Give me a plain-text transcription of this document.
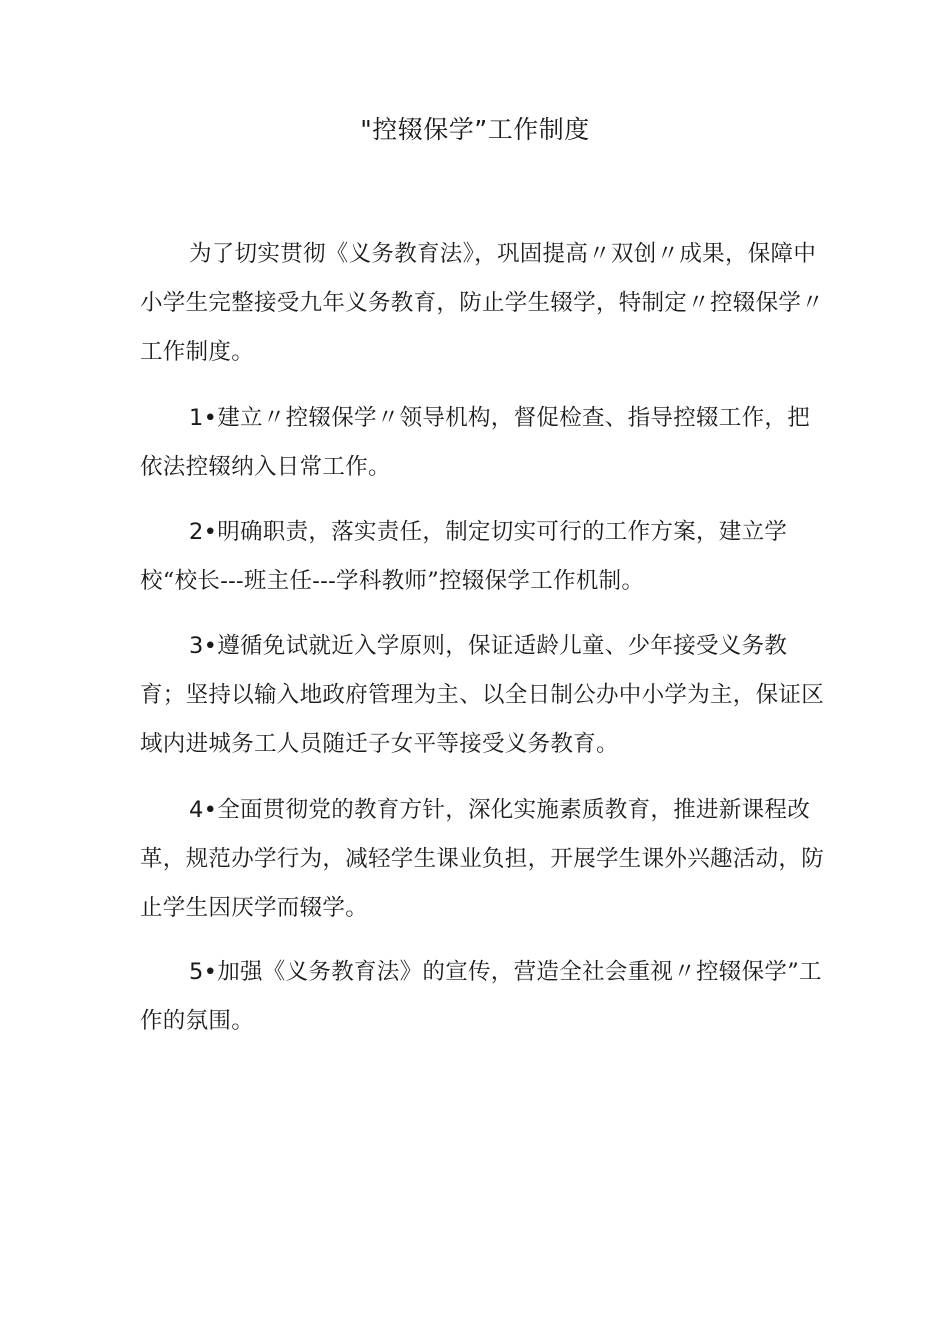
"控辍保学”工作制度

为了切实贯彻《义务教育法》，巩固提高〃双创〃成果，保障中小学生完整接受九年义务教育，防止学生辍学，特制定〃控辍保学〃工作制度。

1•建立〃控辍保学〃领导机构，督促检查、指导控辍工作，把依法控辍纳入日常工作。

2•明确职责，落实责任，制定切实可行的工作方案，建立学校“校长---班主任---学科教师”控辍保学工作机制。

3•遵循免试就近入学原则，保证适龄儿童、少年接受义务教育；坚持以输入地政府管理为主、以全日制公办中小学为主，保证区域内进城务工人员随迁子女平等接受义务教育。

4•全面贯彻党的教育方针，深化实施素质教育，推进新课程改革，规范办学行为，减轻学生课业负担，开展学生课外兴趣活动，防止学生因厌学而辍学。

5•加强《义务教育法》的宣传，营造全社会重视〃控辍保学”工作的氛围。
